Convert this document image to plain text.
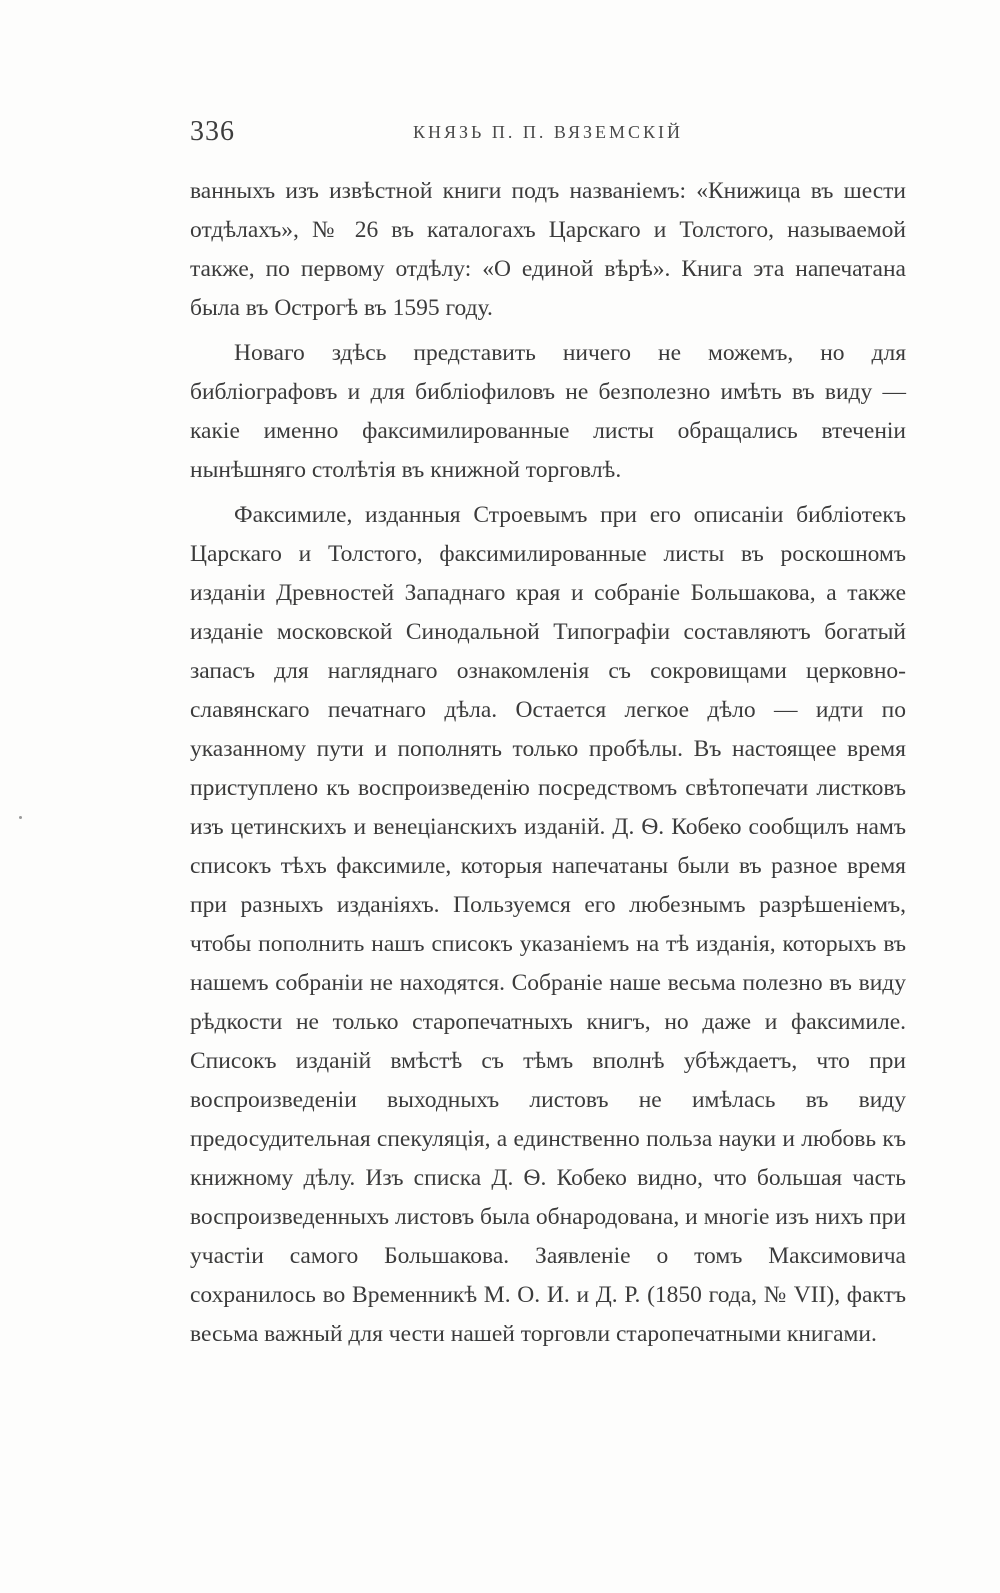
336	КНЯЗЬ П. П. ВЯЗЕМСКІЙ

ванныхъ изъ извѣстной книги подъ названіемъ: «Книжица въ шести отдѣлахъ», № 26 въ каталогахъ Царскаго и Толстого, называемой также, по первому отдѣлу: «О единой вѣрѣ». Книга эта напечатана была въ Острогѣ въ 1595 году.

Новаго здѣсь представить ничего не можемъ, но для библіографовъ и для библіофиловъ не безполезно имѣть въ виду — какіе именно факсимилированные листы обращались втеченіи нынѣшняго столѣтія въ книжной торговлѣ.

Факсимиле, изданныя Строевымъ при его описаніи библіотекъ Царскаго и Толстого, факсимилированные листы въ роскошномъ изданіи Древностей Западнаго края и собраніе Большакова, а также изданіе московской Синодальной Типографіи составляютъ богатый запасъ для нагляднаго ознакомленія съ сокровищами церковно-славянскаго печатнаго дѣла. Остается легкое дѣло — идти по указанному пути и пополнять только пробѣлы. Въ настоящее время приступлено къ воспроизведенію посредствомъ свѣтопечати листковъ изъ цетинскихъ и венеціанскихъ изданій. Д. Ѳ. Кобеко сообщилъ намъ списокъ тѣхъ факсимиле, которыя напечатаны были въ разное время при разныхъ изданіяхъ. Пользуемся его любезнымъ разрѣшеніемъ, чтобы пополнить нашъ списокъ указаніемъ на тѣ изданія, которыхъ въ нашемъ собраніи не находятся. Собраніе наше весьма полезно въ виду рѣдкости не только старопечатныхъ книгъ, но даже и факсимиле. Списокъ изданій вмѣстѣ съ тѣмъ вполнѣ убѣждаетъ, что при воспроизведеніи выходныхъ листовъ не имѣлась въ виду предосудительная спекуляція, а единственно польза науки и любовь къ книжному дѣлу. Изъ списка Д. Ѳ. Кобеко видно, что большая часть воспроизведенныхъ листовъ была обнародована, и многіе изъ нихъ при участіи самого Большакова. Заявленіе о томъ Максимовича сохранилось во Временникѣ М. О. И. и Д. Р. (1850 года, № VII), фактъ весьма важный для чести нашей торговли старопечатными книгами.
